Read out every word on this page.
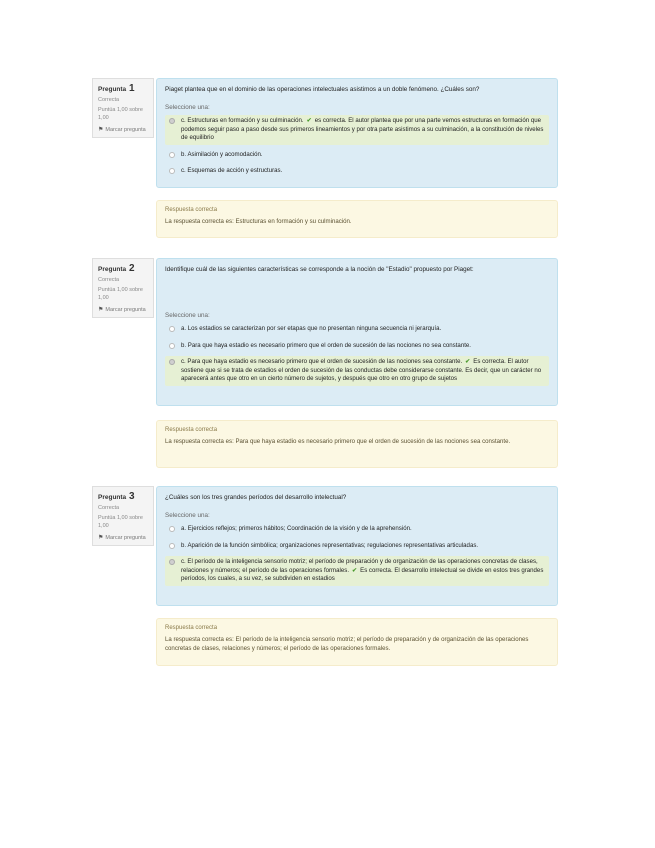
Pregunta 1
Correcta
Puntúa 1,00 sobre 1,00
⚑ Marcar pregunta
Piaget plantea que en el dominio de las operaciones intelectuales asistimos a un doble fenómeno. ¿Cuáles son?
Seleccione una:
c. Estructuras en formación y su culminación. ✔ es correcta. El autor plantea que por una parte vemos estructuras en formación que podemos seguir paso a paso desde sus primeros lineamientos y por otra parte asistimos a su culminación, a la constitución de niveles de equilibrio
b. Asimilación y acomodación.
c. Esquemas de acción y estructuras.
Respuesta correcta
La respuesta correcta es: Estructuras en formación y su culminación.
Pregunta 2
Correcta
Puntúa 1,00 sobre 1,00
⚑ Marcar pregunta
Identifique cuál de las siguientes características se corresponde a la noción de "Estadio" propuesto por Piaget:
Seleccione una:
a. Los estadios se caracterizan por ser etapas que no presentan ninguna secuencia ni jerarquía.
b. Para que haya estadio es necesario primero que el orden de sucesión de las nociones no sea constante.
c. Para que haya estadio es necesario primero que el orden de sucesión de las nociones sea constante. ✔ Es correcta. El autor sostiene que si se trata de estadios el orden de sucesión de las conductas debe considerarse constante. Es decir, que un carácter no aparecerá antes que otro en un cierto número de sujetos, y después que otro en otro grupo de sujetos
Respuesta correcta
La respuesta correcta es: Para que haya estadio es necesario primero que el orden de sucesión de las nociones sea constante.
Pregunta 3
Correcta
Puntúa 1,00 sobre 1,00
⚑ Marcar pregunta
¿Cuáles son los tres grandes períodos del desarrollo intelectual?
Seleccione una:
a. Ejercicios reflejos; primeros hábitos; Coordinación de la visión y de la aprehensión.
b. Aparición de la función simbólica; organizaciones representativas; regulaciones representativas articuladas.
c. El período de la inteligencia sensorio motriz; el período de preparación y de organización de las operaciones concretas de clases, relaciones y números; el período de las operaciones formales. ✔ Es correcta. El desarrollo intelectual se divide en estos tres grandes períodos, los cuales, a su vez, se subdividen en estadios
Respuesta correcta
La respuesta correcta es: El período de la inteligencia sensorio motriz; el período de preparación y de organización de las operaciones concretas de clases, relaciones y números; el período de las operaciones formales.
